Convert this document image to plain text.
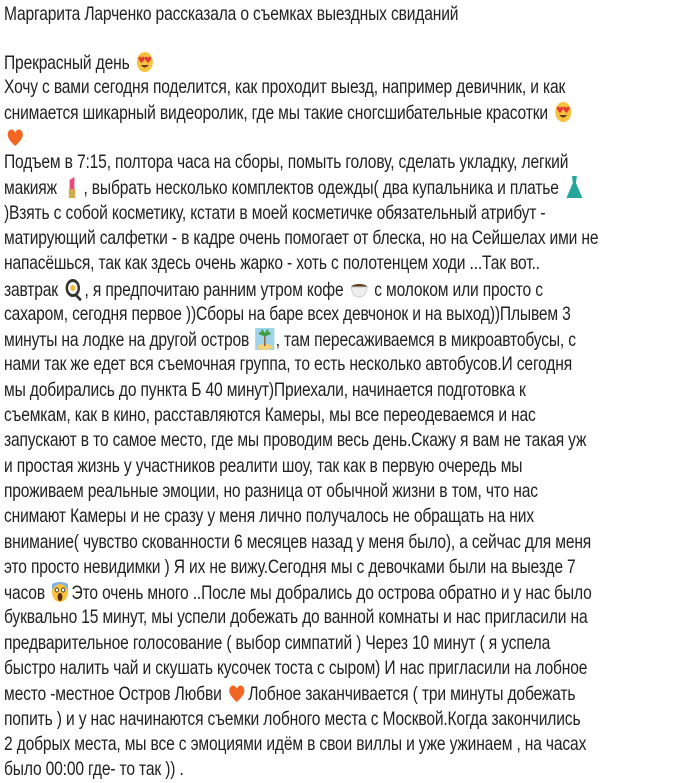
Маргарита Ларченко рассказала о съемках выездных свиданий
Прекрасный день
Хочу с вами сегодня поделится, как проходит выезд, например девичник, и как
снимается шикарный видеоролик, где мы такие сногсшибательные красотки
Подъем в 7:15, полтора часа на сборы, помыть голову, сделать укладку, легкий
макияж , выбрать несколько комплектов одежды( два купальника и платье
)Взять с собой косметику, кстати в моей косметичке обязательный атрибут -
матирующий салфетки - в кадре очень помогает от блеска, но на Сейшелах ими не
напасёшься, так как здесь очень жарко - хоть с полотенцем ходи ...Так вот..
завтрак , я предпочитаю ранним утром кофе  с молоком или просто с
сахаром, сегодня первое ))Сборы на баре всех девчонок и на выход))Плывем 3
минуты на лодке на другой остров , там пересаживаемся в микроавтобусы, с
нами так же едет вся съемочная группа, то есть несколько автобусов.И сегодня
мы добирались до пункта Б 40 минут)Приехали, начинается подготовка к
съемкам, как в кино, расставляются Камеры, мы все переодеваемся и нас
запускают в то самое место, где мы проводим весь день.Скажу я вам не такая уж
и простая жизнь у участников реалити шоу, так как в первую очередь мы
проживаем реальные эмоции, но разница от обычной жизни в том, что нас
снимают Камеры и не сразу у меня лично получалось не обращать на них
внимание( чувство скованности 6 месяцев назад у меня было), а сейчас для меня
это просто невидимки ) Я их не вижу.Сегодня мы с девочками были на выезде 7
часов Это очень много ..После мы добрались до острова обратно и у нас было
буквально 15 минут, мы успели добежать до ванной комнаты и нас пригласили на
предварительное голосование ( выбор симпатий ) Через 10 минут ( я успела
быстро налить чай и скушать кусочек тоста с сыром) И нас пригласили на лобное
место -местное Остров Любви Лобное заканчивается ( три минуты добежать
попить ) и у нас начинаются съемки лобного места с Москвой.Когда закончились
2 добрых места, мы все с эмоциями идём в свои виллы и уже ужинаем , на часах
было 00:00 где- то так )) .
